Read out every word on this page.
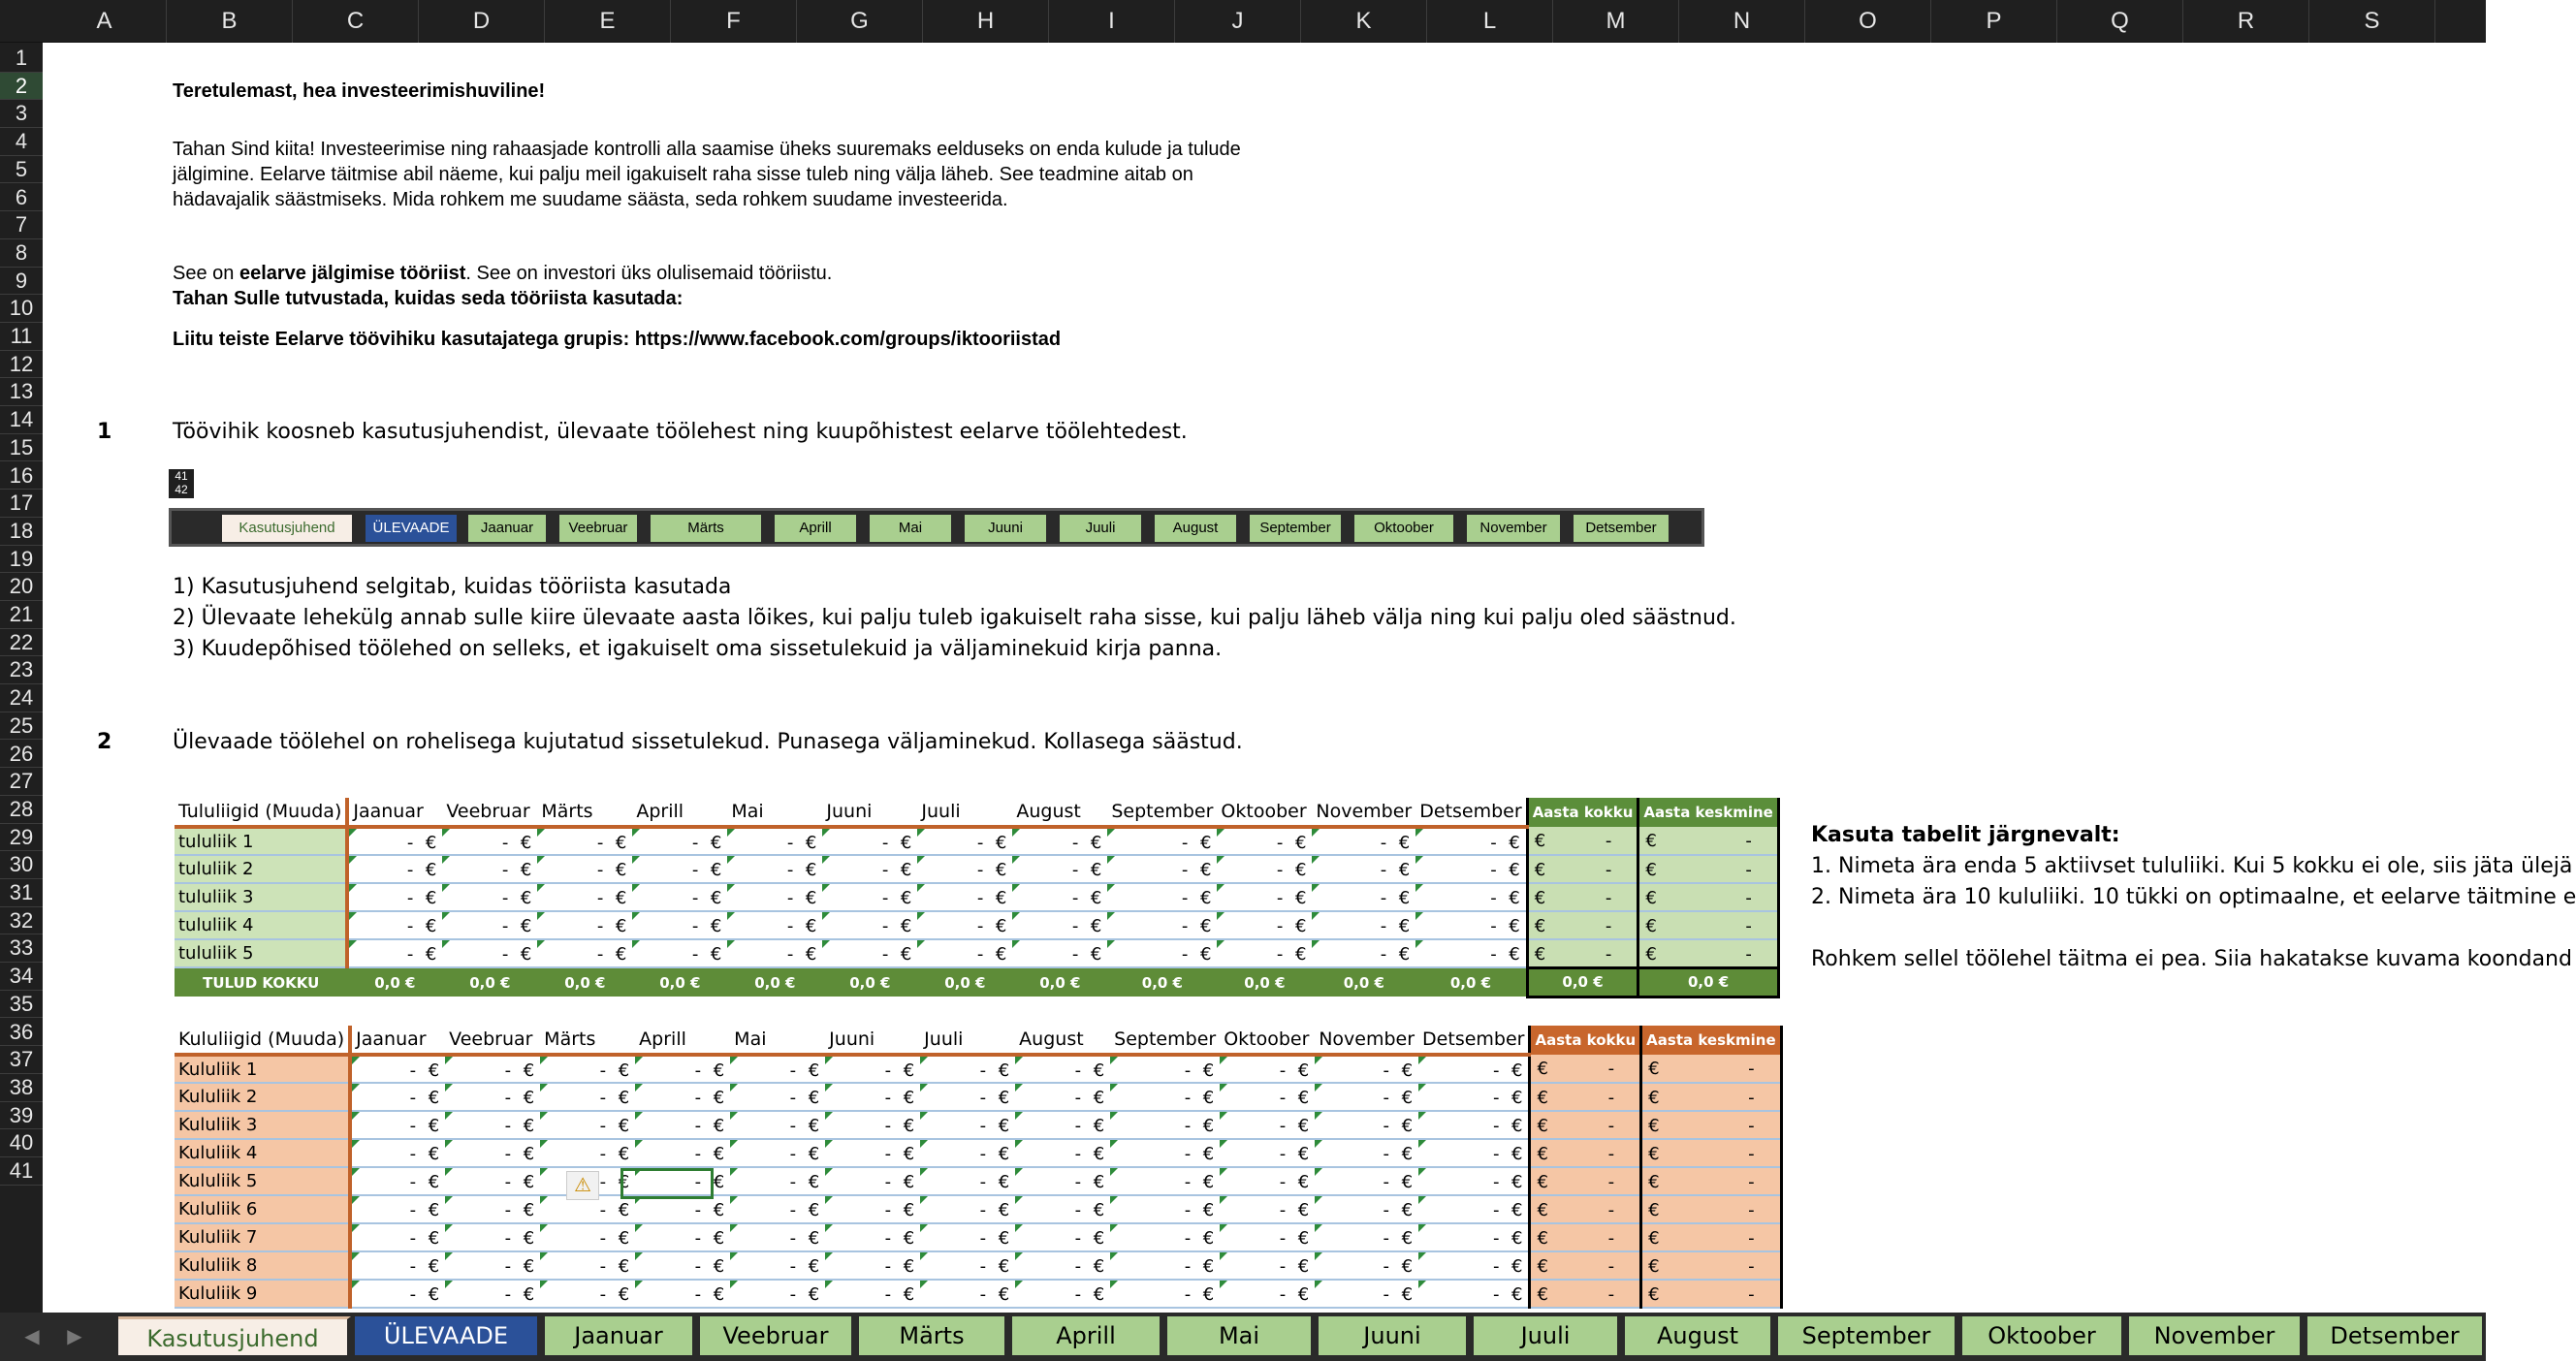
A	B	C	D	E	F	G	H	I	J	K	L	M	N	O	P	Q	R	S
1
2
3
4
5
6
7
8
9
10
11
12
13
14
15
16
17
18
19
20
21
22
23
24
25
26
27
28
29
30
31
32
33
34
35
36
37
38
39
40
41
Teretulemast, hea investeerimishuviline!
See on eelarve jälgimise tööriist. See on investori üks olulisemaid tööriistu.
Tahan Sulle tutvustada, kuidas seda tööriista kasutada:
Liitu teiste Eelarve töövihiku kasutajatega grupis: https://www.facebook.com/groups/iktooriistad
1	Töövihik koosneb kasutusjuhendist, ülevaate töölehest ning kuupõhistest eelarve töölehtedest.
41
42
Kasutusjuhend	ÜLEVAADE	Jaanuar	Veebruar	Märts	Aprill	Mai	Juuni	Juuli	August	September	Oktoober	November	Detsember
2	Ülevaade töölehel on rohelisega kujutatud sissetulekud. Punasega väljaminekud. Kollasega säästud.
Tululiigid (Muuda)	Jaanuar	Veebruar	Märts	Aprill	Mai	Juuni	Juuli	August	September	Oktoober	November	Detsember	Aasta kokku	Aasta keskmine
tululiik 1	- €	- €	- €	- €	- €	- €	- €	- €	- €	- €	- €	- €	€ -	€ -

tululiik 2	- €	- €	- €	- €	- €	- €	- €	- €	- €	- €	- €	- €	€ -	€ -

tululiik 3	- €	- €	- €	- €	- €	- €	- €	- €	- €	- €	- €	- €	€ -	€ -

tululiik 4	- €	- €	- €	- €	- €	- €	- €	- €	- €	- €	- €	- €	€ -	€ -

tululiik 5	- €	- €	- €	- €	- €	- €	- €	- €	- €	- €	- €	- €	€ -	€ -

TULUD KOKKU	0,0 €	0,0 €	0,0 €	0,0 €	0,0 €	0,0 €	0,0 €	0,0 €	0,0 €	0,0 €	0,0 €	0,0 €	0,0 €	0,0 €
Kululiigid (Muuda)	Jaanuar	Veebruar	Märts	Aprill	Mai	Juuni	Juuli	August	September	Oktoober	November	Detsember	Aasta kokku	Aasta keskmine
Kululiik 1	- €	- €	- €	- €	- €	- €	- €	- €	- €	- €	- €	- €	€ -	€ -

Kululiik 2	- €	- €	- €	- €	- €	- €	- €	- €	- €	- €	- €	- €	€ -	€ -

Kululiik 3	- €	- €	- €	- €	- €	- €	- €	- €	- €	- €	- €	- €	€ -	€ -

Kululiik 4	- €	- €	- €	- €	- €	- €	- €	- €	- €	- €	- €	- €	€ -	€ -

Kululiik 5	- €	- €	- €	- €	- €	- €	- €	- €	- €	- €	- €	- €	€ -	€ -

Kululiik 6	- €	- €	- €	- €	- €	- €	- €	- €	- €	- €	- €	- €	€ -	€ -

Kululiik 7	- €	- €	- €	- €	- €	- €	- €	- €	- €	- €	- €	- €	€ -	€ -

Kululiik 8	- €	- €	- €	- €	- €	- €	- €	- €	- €	- €	- €	- €	€ -	€ -

Kululiik 9	- €	- €	- €	- €	- €	- €	- €	- €	- €	- €	- €	- €	€ -	€ -
⚠
Kasuta tabelit järgnevalt:
1. Nimeta ära enda 5 aktiivset tululiiki. Kui 5 kokku ei ole, siis jäta ülejä
2. Nimeta ära 10 kululiiki. 10 tükki on optimaalne, et eelarve täitmine e
Rohkem sellel töölehel täitma ei pea. Siia hakatakse kuvama koondand
◀	▶	Kasutusjuhend	ÜLEVAADE	Jaanuar	Veebruar	Märts	Aprill	Mai	Juuni	Juuli	August	September	Oktoober	November	Detsember
Tahan Sind kiita! Investeerimise ning rahaasjade kontrolli alla saamise üheks suuremaks eelduseks on enda kulude ja tulude
jälgimine. Eelarve täitmise abil näeme, kui palju meil igakuiselt raha sisse tuleb ning välja läheb. See teadmine aitab on
hädavajalik säästmiseks. Mida rohkem me suudame säästa, seda rohkem suudame investeerida.
1) Kasutusjuhend selgitab, kuidas tööriista kasutada
2) Ülevaate lehekülg annab sulle kiire ülevaate aasta lõikes, kui palju tuleb igakuiselt raha sisse, kui palju läheb välja ning kui palju oled säästnud.
3) Kuudepõhised töölehed on selleks, et igakuiselt oma sissetulekuid ja väljaminekuid kirja panna.
